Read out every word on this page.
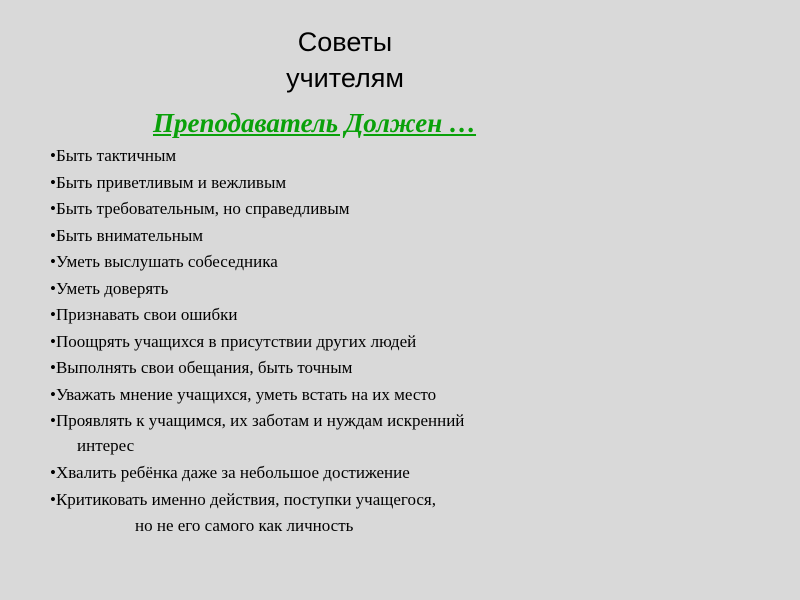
Советы
учителям
Преподаватель Должен …
• Быть тактичным
• Быть приветливым и вежливым
• Быть требовательным, но справедливым
• Быть внимательным
• Уметь выслушать собеседника
• Уметь доверять
• Признавать свои ошибки
• Поощрять учащихся в присутствии других людей
• Выполнять свои обещания, быть точным
• Уважать мнение учащихся, уметь встать на их место
• Проявлять к учащимся, их заботам и нуждам искренний
интерес
• Хвалить ребёнка даже за небольшое достижение
• Критиковать именно действия, поступки учащегося,
но не его самого как личность
